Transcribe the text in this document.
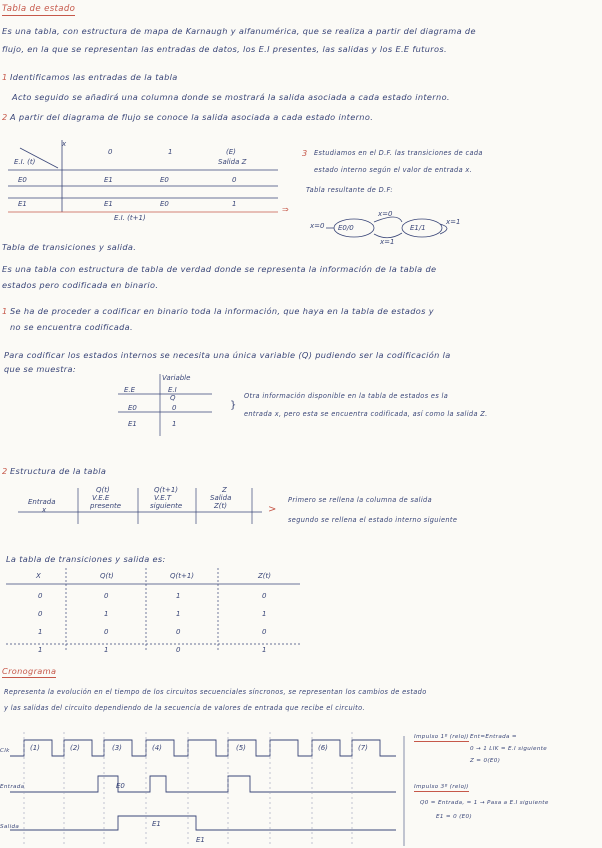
⇒
}
>
Tabla de estado
Es una tabla, con estructura de mapa de Karnaugh y alfanumérica, que se realiza a partir del diagrama de
flujo, en la que se representan las entradas de datos, los E.I presentes, las salidas y los E.E futuros.
1 Identificamos las entradas de la tabla
Acto seguido se añadirá una columna donde se mostrará la salida asociada a cada estado interno.
2 A partir del diagrama de flujo se conoce la salida asociada a cada estado interno.
x
E.I. (t)
0	1	(E)
Salida Z
E0	E1	E0	0
E1	E1	E0	1
E.I. (t+1)
3 Estudiamos en el D.F. las transiciones de cada
estado interno según el valor de entrada x.
Tabla resultante de D.F:
E0/0	E1/1
x=0
x=0
x=1
x=1
Tabla de transiciones y salida.
Es una tabla con estructura de tabla de verdad donde se representa la información de la tabla de
estados pero codificada en binario.
1 Se ha de proceder a codificar en binario toda la información, que haya en la tabla de estados y
no se encuentra codificada.
Para codificar los estados internos se necesita una única variable (Q) pudiendo ser la codificación la
que se muestra:
Variable
E.E	E.I
Q
E0	0
E1	1
Otra información disponible en la tabla de estados es la
entrada x, pero esta se encuentra codificada, así como la salida Z.
2 Estructura de la tabla
Entrada
x
Q(t)
V.E.E
presente
Q(t+1)
V.E.T
siguiente
Z
Salida
Z(t)
Primero se rellena la columna de salida
segundo se rellena el estado interno siguiente
La tabla de transiciones y salida es:
X	Q(t)	Q(t+1)	Z(t)
0	0	1	0
0	1	1	1
1	0	0	0
1	1	0	1
Cronograma
Representa la evolución en el tiempo de los circuitos secuenciales síncronos, se representan los cambios de estado
y las salidas del circuito dependiendo de la secuencia de valores de entrada que recibe el circuito.
Clk
Entrada
Salida
(1)	(2)	(3)	(4)	(5)	(6)	(7)
E0
E1
E1
Impulso 1º (reloj) Ent=Entrada =
0 → 1 LIK = E.I siguiente
Z = 0(E0)
Impulso 3º (reloj)
Q0 = Entrada, = 1 → Pasa a E.I siguiente
E1 = 0 (E0)
